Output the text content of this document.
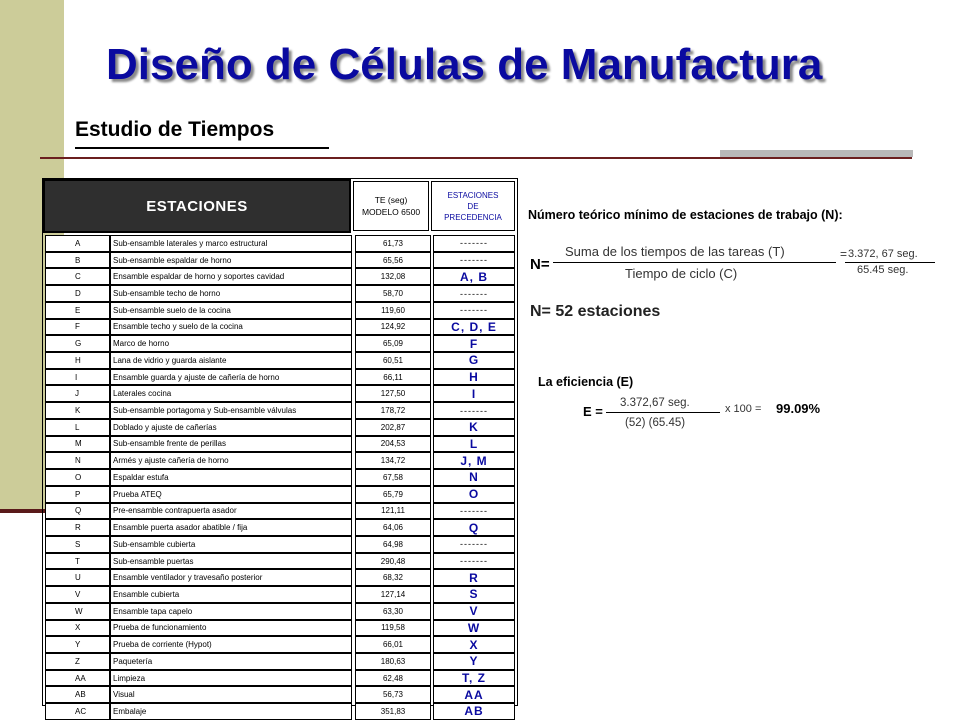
Diseño de Células de Manufactura
Estudio de Tiempos
ESTACIONES	TE (seg)
MODELO 6500
ESTACIONES
DE
PRECEDENCIA
A	Sub-ensamble laterales y marco estructural	61,73	-------
B	Sub-ensamble espaldar de horno	65,56	-------
C	Ensamble espaldar de horno y soportes cavidad	132,08	A, B
D	Sub-ensamble techo de horno	58,70	-------
E	Sub-ensamble suelo de la cocina	119,60	-------
F	Ensamble techo y suelo de la cocina	124,92	C, D, E
G	Marco de horno	65,09	F
H	Lana de vidrio y guarda aislante	60,51	G
I	Ensamble guarda y ajuste de cañería de horno	66,11	H
J	Laterales cocina	127,50	I
K	Sub-ensamble portagoma y Sub-ensamble válvulas	178,72	-------
L	Doblado y ajuste de cañerías	202,87	K
M	Sub-ensamble frente de perillas	204,53	L
N	Armés y ajuste cañería de horno	134,72	J, M
O	Espaldar estufa	67,58	N
P	Prueba ATEQ	65,79	O
Q	Pre-ensamble contrapuerta asador	121,11	-------
R	Ensamble puerta asador abatible / fija	64,06	Q
S	Sub-ensamble cubierta	64,98	-------
T	Sub-ensamble puertas	290,48	-------
U	Ensamble ventilador y travesaño posterior	68,32	R
V	Ensamble cubierta	127,14	S
W	Ensamble tapa capelo	63,30	V
X	Prueba de funcionamiento	119,58	W
Y	Prueba de corriente (Hypot)	66,01	X
Z	Paquetería	180,63	Y
AA	Limpieza	62,48	T, Z
AB	Visual	56,73	AA
AC	Embalaje	351,83	AB
Número teórico mínimo de estaciones de trabajo (N):
N=
Suma de los tiempos de las tareas (T)
Tiempo de ciclo (C)
= 3.372, 67 seg.
65.45 seg.
N= 52 estaciones
La eficiencia (E)
E =
3.372,67 seg.
(52) (65.45)
x 100 = 99.09%
